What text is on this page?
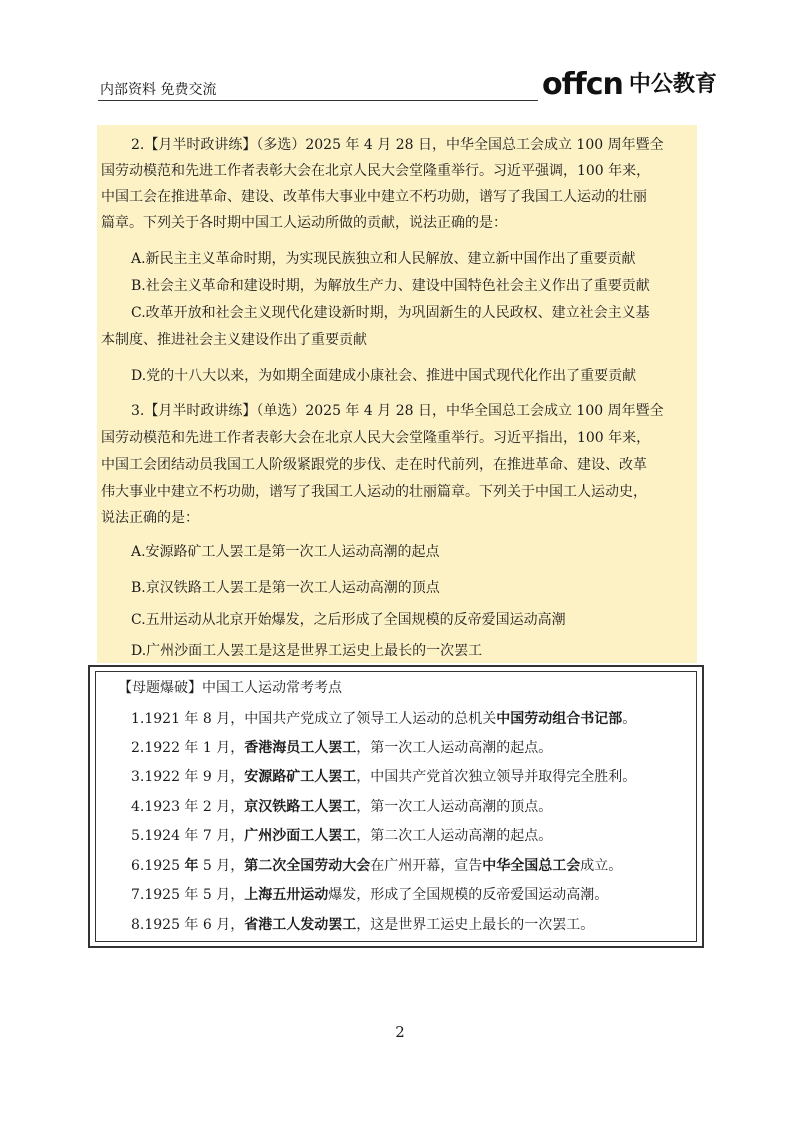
内部资料 免费交流	offcn 中公教育
2.【月半时政讲练】（多选）2025 年 4 月 28 日，中华全国总工会成立 100 周年暨全
国劳动模范和先进工作者表彰大会在北京人民大会堂隆重举行。习近平强调，100 年来，
中国工会在推进革命、建设、改革伟大事业中建立不朽功勋，谱写了我国工人运动的壮丽
篇章。下列关于各时期中国工人运动所做的贡献，说法正确的是：
A.新民主主义革命时期，为实现民族独立和人民解放、建立新中国作出了重要贡献
B.社会主义革命和建设时期，为解放生产力、建设中国特色社会主义作出了重要贡献
C.改革开放和社会主义现代化建设新时期，为巩固新生的人民政权、建立社会主义基
本制度、推进社会主义建设作出了重要贡献
D.党的十八大以来，为如期全面建成小康社会、推进中国式现代化作出了重要贡献
3.【月半时政讲练】（单选）2025 年 4 月 28 日，中华全国总工会成立 100 周年暨全
国劳动模范和先进工作者表彰大会在北京人民大会堂隆重举行。习近平指出，100 年来，
中国工会团结动员我国工人阶级紧跟党的步伐、走在时代前列，在推进革命、建设、改革
伟大事业中建立不朽功勋，谱写了我国工人运动的壮丽篇章。下列关于中国工人运动史，
说法正确的是：
A.安源路矿工人罢工是第一次工人运动高潮的起点
B.京汉铁路工人罢工是第一次工人运动高潮的顶点
C.五卅运动从北京开始爆发，之后形成了全国规模的反帝爱国运动高潮
D.广州沙面工人罢工是这是世界工运史上最长的一次罢工
【母题爆破】中国工人运动常考考点
1.1921 年 8 月，中国共产党成立了领导工人运动的总机关中国劳动组合书记部。
2.1922 年 1 月，香港海员工人罢工，第一次工人运动高潮的起点。
3.1922 年 9 月，安源路矿工人罢工，中国共产党首次独立领导并取得完全胜利。
4.1923 年 2 月，京汉铁路工人罢工，第一次工人运动高潮的顶点。
5.1924 年 7 月，广州沙面工人罢工，第二次工人运动高潮的起点。
6.1925 年 5 月，第二次全国劳动大会在广州开幕，宣告中华全国总工会成立。
7.1925 年 5 月，上海五卅运动爆发，形成了全国规模的反帝爱国运动高潮。
8.1925 年 6 月，省港工人发动罢工，这是世界工运史上最长的一次罢工。
2
